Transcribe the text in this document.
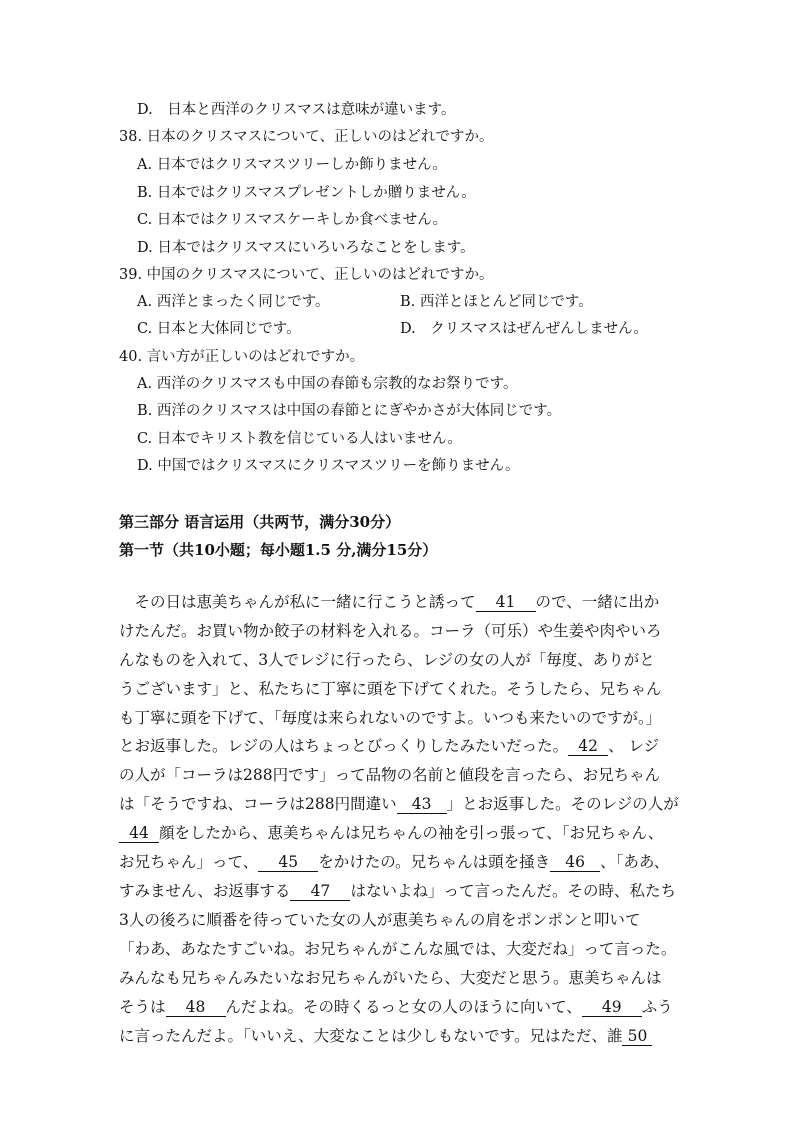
D.　日本と西洋のクリスマスは意味が違います。
38. 日本のクリスマスについて、正しいのはどれですか。
A. 日本ではクリスマスツリーしか飾りません。
B. 日本ではクリスマスプレゼントしか贈りません。
C. 日本ではクリスマスケーキしか食べません。
D. 日本ではクリスマスにいろいろなことをします。
39. 中国のクリスマスについて、正しいのはどれですか。
A. 西洋とまったく同じです。	B. 西洋とほとんど同じです。
C. 日本と大体同じです。	D.　クリスマスはぜんぜんしません。
40. 言い方が正しいのはどれですか。
A. 西洋のクリスマスも中国の春節も宗教的なお祭りです。
B. 西洋のクリスマスは中国の春節とにぎやかさが大体同じです。
C. 日本でキリスト教を信じている人はいません。
D. 中国ではクリスマスにクリスマスツリーを飾りません。
第三部分 语言运用（共两节，满分30分）
第一节（共10小题；每小题1.5 分,满分15分）
　その日は恵美ちゃんが私に一緒に行こうと誘って 41 ので、一緒に出か
けたんだ。お買い物か餃子の材料を入れる。コーラ（可乐）や生姜や肉やいろ
んなものを入れて、3人でレジに行ったら、レジの女の人が「毎度、ありがと
うございます」と、私たちに丁寧に頭を下げてくれた。そうしたら、兄ちゃん
も丁寧に頭を下げて、「毎度は来られないのですよ。いつも来たいのですが。」
とお返事した。レジの人はちょっとびっくりしたみたいだった。 42 、 レジ
の人が「コーラは288円です」って品物の名前と値段を言ったら、お兄ちゃん
は「そうですね、コーラは288円間違い 43 」とお返事した。そのレジの人が
44 顔をしたから、恵美ちゃんは兄ちゃんの袖を引っ張って、「お兄ちゃん、
お兄ちゃん」って、 45 をかけたの。兄ちゃんは頭を掻き 46 、「ああ、
すみません、お返事する 47 はないよね」って言ったんだ。その時、私たち
3人の後ろに順番を待っていた女の人が恵美ちゃんの肩をポンポンと叩いて
「わあ、あなたすごいね。お兄ちゃんがこんな風では、大変だね」って言った。
みんなも兄ちゃんみたいなお兄ちゃんがいたら、大変だと思う。恵美ちゃんは
そうは 48 んだよね。その時くるっと女の人のほうに向いて、 49 ふう
に言ったんだよ。「いいえ、大変なことは少しもないです。兄はただ、誰 50
